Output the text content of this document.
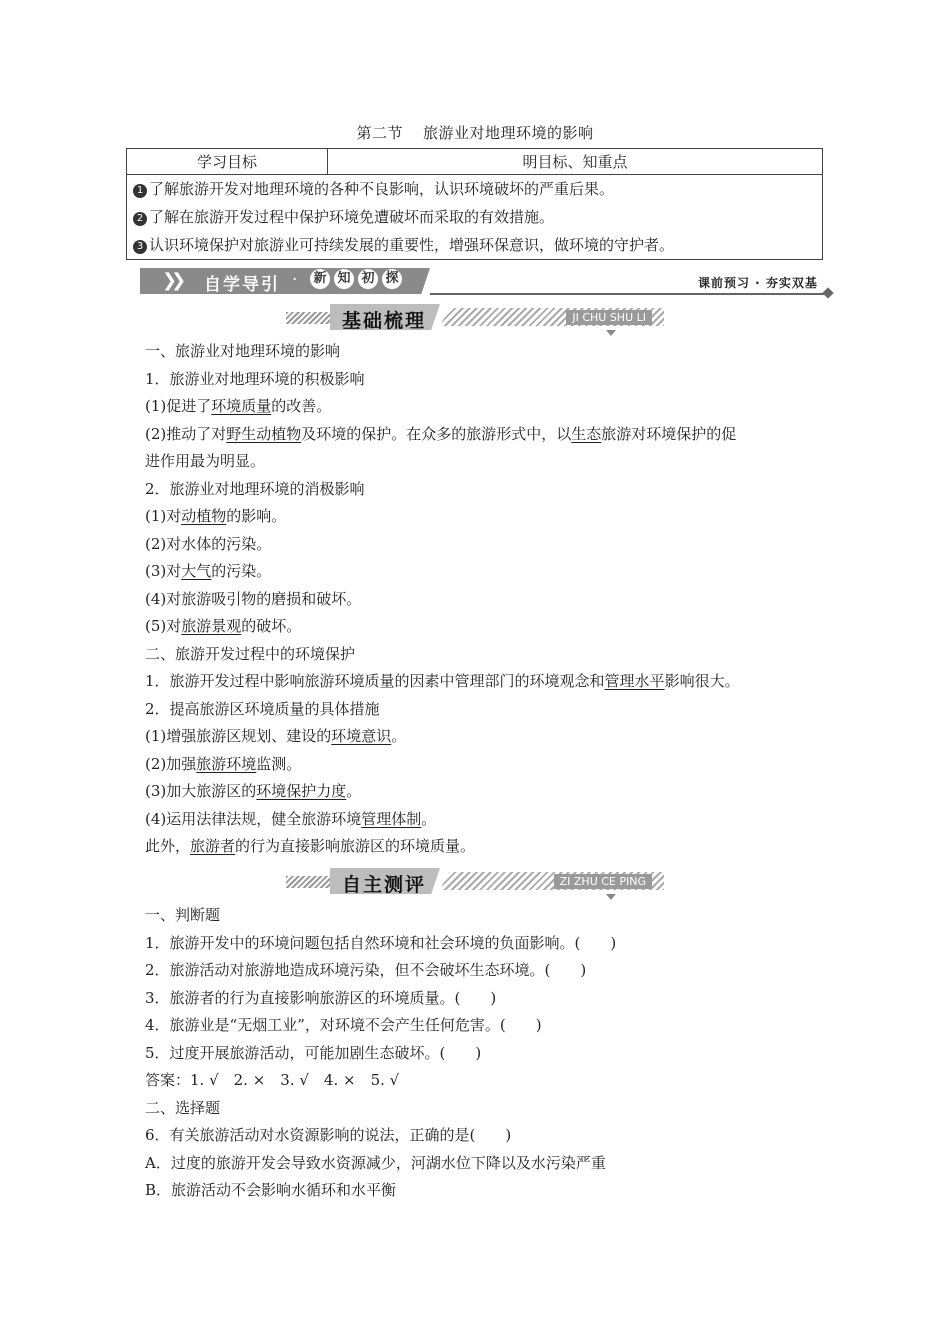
第二节 旅游业对地理环境的影响
学习目标	明目标、知重点

1 了解旅游开发对地理环境的各种不良影响，认识环境破坏的严重后果。
2 了解在旅游开发过程中保护环境免遭破坏而采取的有效措施。
3 认识环境保护对旅游业可持续发展的重要性，增强环保意识，做环境的守护者。
❯❯ 自学导引 · 新 知 初 探	课前预习 · 夯实双基
基础梳理	JI CHU SHU LI
一、旅游业对地理环境的影响
1．旅游业对地理环境的积极影响
(1)促进了环境质量的改善。
(2)推动了对野生动植物及环境的保护。在众多的旅游形式中，以生态旅游对环境保护的促
进作用最为明显。
2．旅游业对地理环境的消极影响
(1)对动植物的影响。
(2)对水体的污染。
(3)对大气的污染。
(4)对旅游吸引物的磨损和破坏。
(5)对旅游景观的破坏。
二、旅游开发过程中的环境保护
1．旅游开发过程中影响旅游环境质量的因素中管理部门的环境观念和管理水平影响很大。
2．提高旅游区环境质量的具体措施
(1)增强旅游区规划、建设的环境意识。
(2)加强旅游环境监测。
(3)加大旅游区的环境保护力度。
(4)运用法律法规，健全旅游环境管理体制。
此外，旅游者的行为直接影响旅游区的环境质量。
自主测评	ZI ZHU CE PING
一、判断题
1．旅游开发中的环境问题包括自然环境和社会环境的负面影响。(　　)
2．旅游活动对旅游地造成环境污染，但不会破坏生态环境。(　　)
3．旅游者的行为直接影响旅游区的环境质量。(　　)
4．旅游业是“无烟工业”，对环境不会产生任何危害。(　　)
5．过度开展旅游活动，可能加剧生态破坏。(　　)
答案：1. √　2. ×　3. √　4. ×　5. √
二、选择题
6．有关旅游活动对水资源影响的说法，正确的是(　　)
A．过度的旅游开发会导致水资源减少，河湖水位下降以及水污染严重
B．旅游活动不会影响水循环和水平衡
